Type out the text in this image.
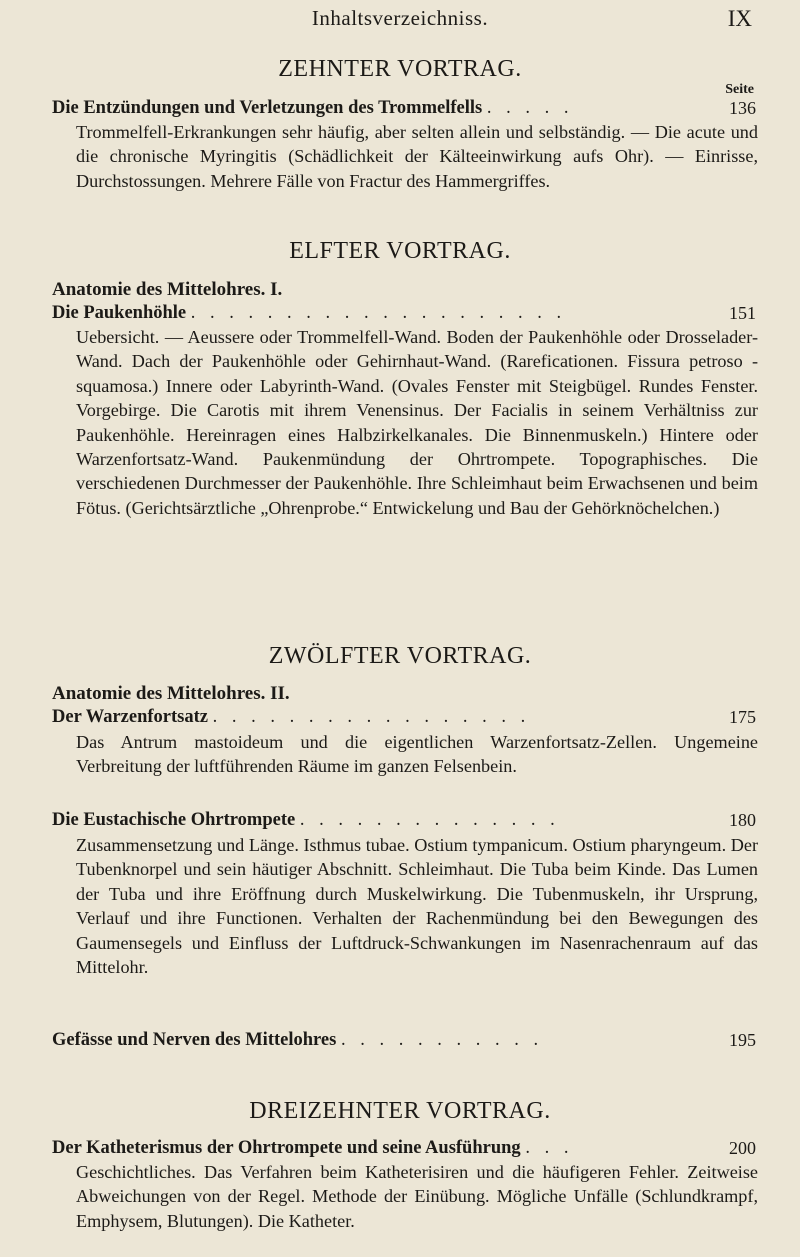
Inhaltsverzeichniss.	IX
ZEHNTER VORTRAG.
Seite
Die Entzündungen und Verletzungen des Trommelfells . . . . .	136
Trommelfell-Erkrankungen sehr häufig, aber selten allein und selbständig. — Die acute und die chronische Myringitis (Schädlichkeit der Kälteeinwirkung aufs Ohr). — Einrisse, Durchstossungen. Mehrere Fälle von Fractur des Hammergriffes.
ELFTER VORTRAG.
Anatomie des Mittelohres. I.
Die Paukenhöhle . . . . . . . . . . . . . . . . . . . .	151
Uebersicht. — Aeussere oder Trommelfell-Wand. Boden der Paukenhöhle oder Drosselader-Wand. Dach der Paukenhöhle oder Gehirnhaut-Wand. (Rareficationen. Fissura petroso - squamosa.) Innere oder Labyrinth-Wand. (Ovales Fenster mit Steigbügel. Rundes Fenster. Vorgebirge. Die Carotis mit ihrem Venensinus. Der Facialis in seinem Verhältniss zur Paukenhöhle. Hereinragen eines Halbzirkelkanales. Die Binnenmuskeln.) Hintere oder Warzenfortsatz-Wand. Paukenmündung der Ohrtrompete. Topographisches. Die verschiedenen Durchmesser der Paukenhöhle. Ihre Schleimhaut beim Erwachsenen und beim Fötus. (Gerichtsärztliche „Ohrenprobe.“ Entwickelung und Bau der Gehörknöchelchen.)
ZWÖLFTER VORTRAG.
Anatomie des Mittelohres. II.
Der Warzenfortsatz . . . . . . . . . . . . . . . . .	175
Das Antrum mastoideum und die eigentlichen Warzenfortsatz-Zellen. Ungemeine Verbreitung der luftführenden Räume im ganzen Felsenbein.
Die Eustachische Ohrtrompete . . . . . . . . . . . . . .	180
Zusammensetzung und Länge. Isthmus tubae. Ostium tympanicum. Ostium pharyngeum. Der Tubenknorpel und sein häutiger Abschnitt. Schleimhaut. Die Tuba beim Kinde. Das Lumen der Tuba und ihre Eröffnung durch Muskelwirkung. Die Tubenmuskeln, ihr Ursprung, Verlauf und ihre Functionen. Verhalten der Rachenmündung bei den Bewegungen des Gaumensegels und Einfluss der Luftdruck-Schwankungen im Nasenrachenraum auf das Mittelohr.
Gefässe und Nerven des Mittelohres . . . . . . . . . . .	195
DREIZEHNTER VORTRAG.
Der Katheterismus der Ohrtrompete und seine Ausführung . . .	200
Geschichtliches. Das Verfahren beim Katheterisiren und die häufigeren Fehler. Zeitweise Abweichungen von der Regel. Methode der Einübung. Mögliche Unfälle (Schlundkrampf, Emphysem, Blutungen). Die Katheter.
